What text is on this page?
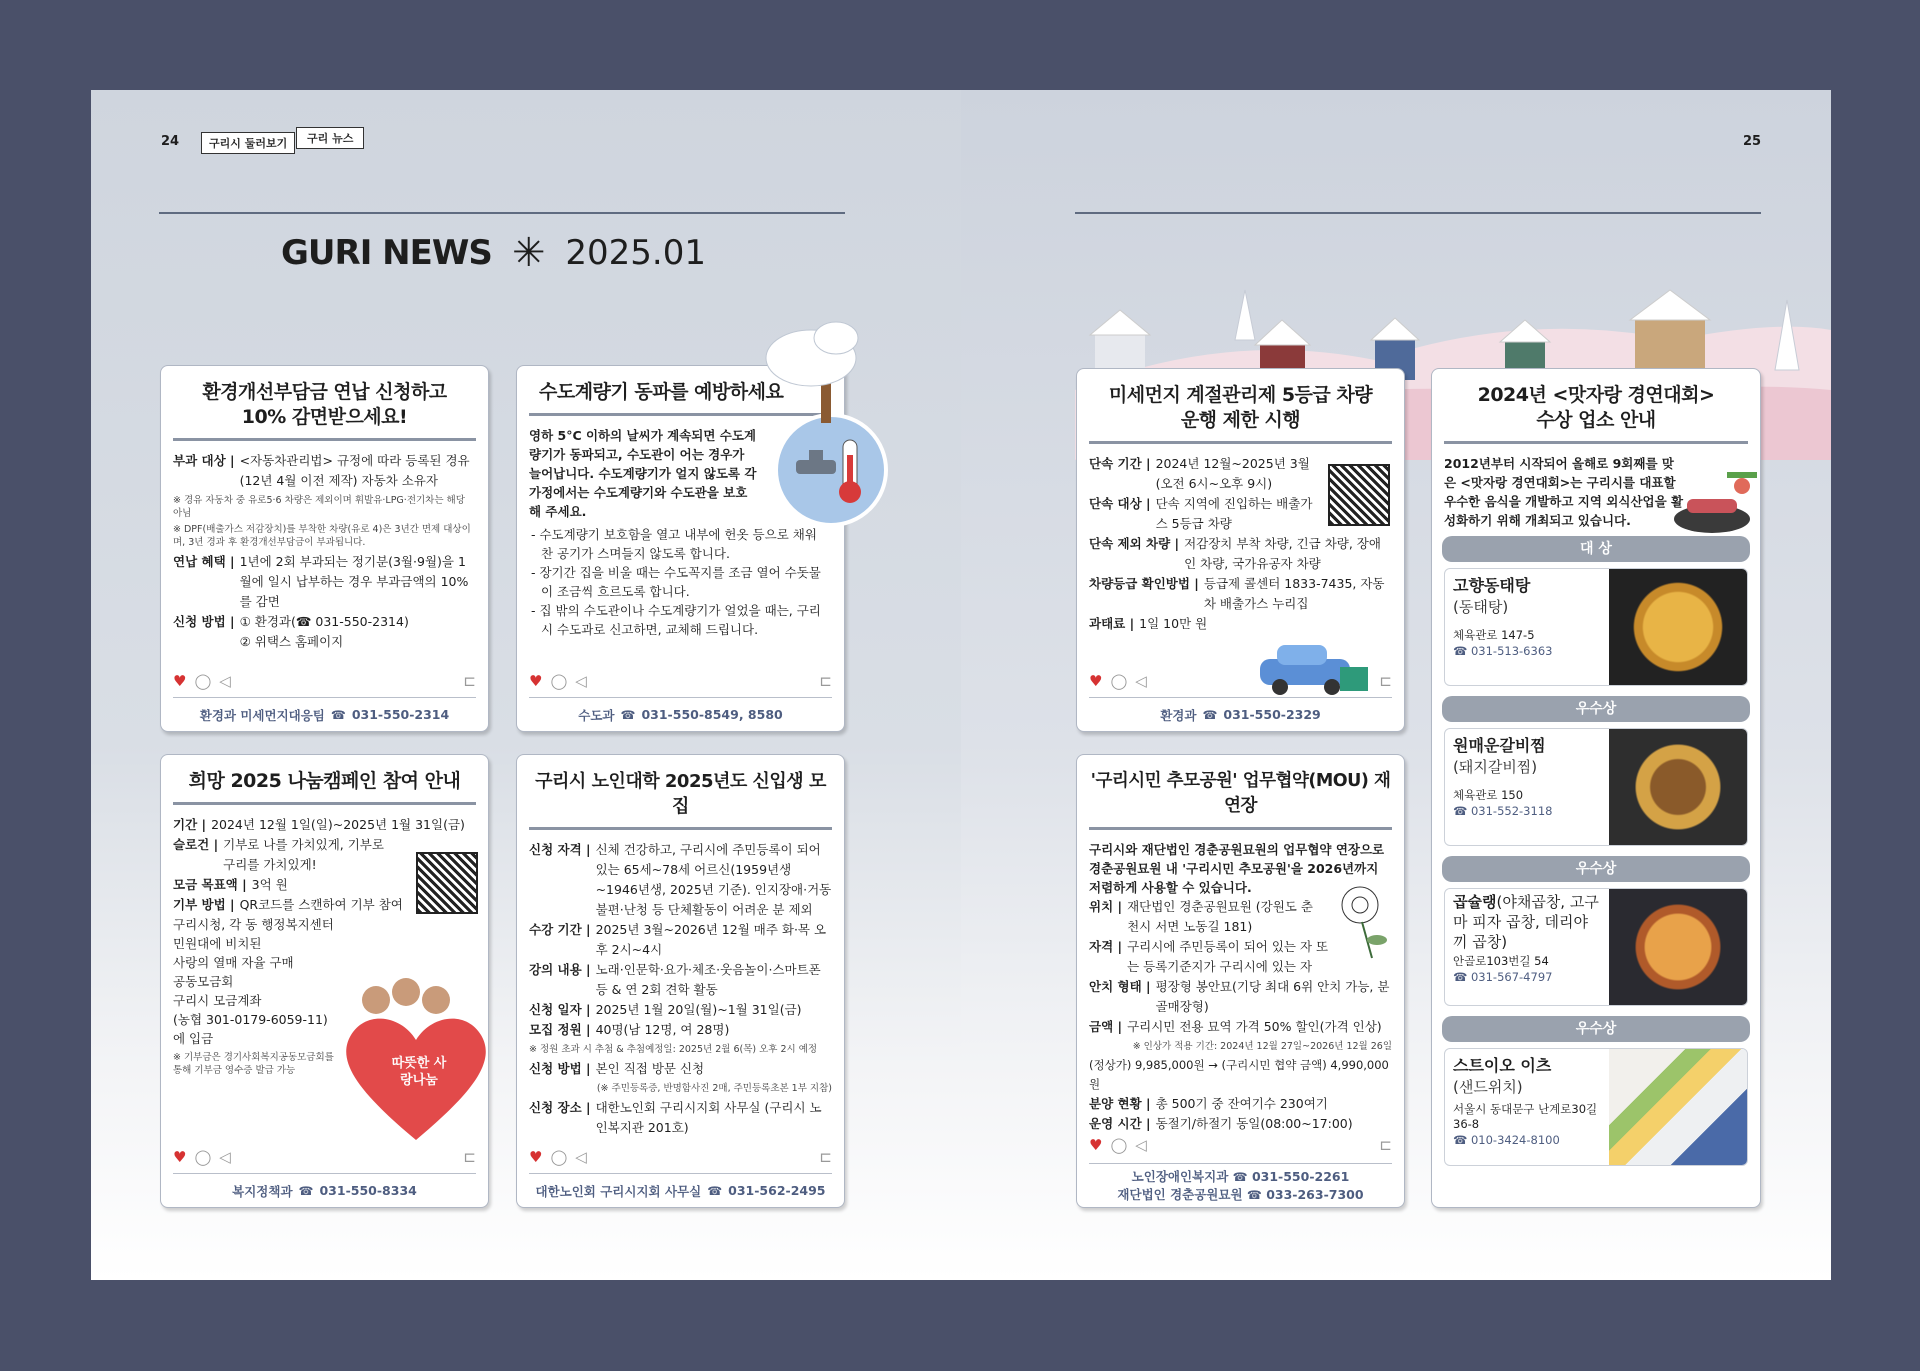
24	구리시 둘러보기	구리 뉴스
GURI NEWS ✳ 2025.01
환경개선부담금 연납 신청하고
10% 감면받으세요!
부과 대상 | <자동차관리법> 규정에 따라 등록된 경유(12년 4월 이전 제작) 자동차 소유자
※ 경유 자동차 중 유로5·6 차량은 제외이며 휘발유·LPG·전기차는 해당 아님
※ DPF(배출가스 저감장치)를 부착한 차량(유로 4)은 3년간 면제 대상이며, 3년 경과 후 환경개선부담금이 부과됩니다.
연납 혜택 | 1년에 2회 부과되는 정기분(3월·9월)을 1월에 일시 납부하는 경우 부과금액의 10%를 감면
신청 방법 | ① 환경과(☎ 031-550-2314)
② 위택스 홈페이지
♥ ◯ ◁	⊏
환경과 미세먼지대응팀 ☎ 031-550-2314
수도계량기 동파를 예방하세요
영하 5°C 이하의 날씨가 계속되면 수도계량기가 동파되고, 수도관이 어는 경우가 늘어납니다. 수도계량기가 얼지 않도록 각 가정에서는 수도계량기와 수도관을 보호해 주세요.
- 수도계량기 보호함을 열고 내부에 헌옷 등으로 채워 찬 공기가 스며들지 않도록 합니다.
- 장기간 집을 비울 때는 수도꼭지를 조금 열어 수돗물이 조금씩 흐르도록 합니다.
- 집 밖의 수도관이나 수도계량기가 얼었을 때는, 구리시 수도과로 신고하면, 교체해 드립니다.
♥ ◯ ◁	⊏
수도과 ☎ 031-550-8549, 8580
희망 2025 나눔캠페인 참여 안내
기간 | 2024년 12월 1일(일)~2025년 1월 31일(금)
슬로건 | 기부로 나를 가치있게, 기부로 구리를 가치있게!
모금 목표액 | 3억 원
기부 방법 | QR코드를 스캔하여 기부 참여
구리시청, 각 동 행정복지센터
민원대에 비치된
사랑의 열매 자율 구매
공동모금회
구리시 모금계좌
(농협 301-0179-6059-11)
에 입금
※ 기부금은 경기사회복지공동모금회를 통해 기부금 영수증 발급 가능	따뜻한 사랑나눔
♥ ◯ ◁	⊏
복지정책과 ☎ 031-550-8334
구리시 노인대학 2025년도 신입생 모집
신청 자격 | 신체 건강하고, 구리시에 주민등록이 되어있는 65세~78세 어르신(1959년생 ~1946년생, 2025년 기준). 인지장애·거동 불편·난청 등 단체활동이 어려운 분 제외
수강 기간 | 2025년 3월~2026년 12월 매주 화·목 오후 2시~4시
강의 내용 | 노래·인문학·요가·체조·웃음놀이·스마트폰 등 & 연 2회 견학 활동
신청 일자 | 2025년 1월 20일(월)~1월 31일(금)
모집 정원 | 40명(남 12명, 여 28명)
※ 정원 초과 시 추첨 & 추첨예정일: 2025년 2월 6(목) 오후 2시 예정
신청 방법 | 본인 직접 방문 신청
(※ 주민등록증, 반명함사진 2매, 주민등록초본 1부 지참)
신청 장소 | 대한노인회 구리시지회 사무실 (구리시 노인복지관 201호)
♥ ◯ ◁	⊏
대한노인회 구리시지회 사무실 ☎ 031-562-2495
25
미세먼지 계절관리제 5등급 차량
운행 제한 시행
단속 기간 | 2024년 12월~2025년 3월 (오전 6시~오후 9시)
단속 대상 | 단속 지역에 진입하는 배출가스 5등급 차량
단속 제외 차량 | 저감장치 부착 차량, 긴급 차량, 장애인 차량, 국가유공자 차량
차량등급 확인방법 | 등급제 콜센터 1833-7435, 자동차 배출가스 누리집
과태료 | 1일 10만 원
♥ ◯ ◁	⊏
환경과 ☎ 031-550-2329
'구리시민 추모공원' 업무협약(MOU) 재연장
구리시와 재단법인 경춘공원묘원의 업무협약 연장으로 경춘공원묘원 내 '구리시민 추모공원'을 2026년까지 저렴하게 사용할 수 있습니다.
위치 | 재단법인 경춘공원묘원 (강원도 춘천시 서면 노동길 181)
자격 | 구리시에 주민등록이 되어 있는 자 또는 등록기준지가 구리시에 있는 자
안치 형태 | 평장형 봉안묘(기당 최대 6위 안치 가능, 분골매장형)
금액 | 구리시민 전용 묘역 가격 50% 할인(가격 인상)
※ 인상가 적용 기간: 2024년 12월 27일~2026년 12월 26일
(정상가) 9,985,000원 → (구리시민 협약 금액) 4,990,000원
분양 현황 | 총 500기 중 잔여기수 230여기
운영 시간 | 동절기/하절기 동일(08:00~17:00)
♥ ◯ ◁	⊏
노인장애인복지과 ☎ 031-550-2261
재단법인 경춘공원묘원 ☎ 033-263-7300
2024년 <맛자랑 경연대회>
수상 업소 안내
2012년부터 시작되어 올해로 9회째를 맞은 <맛자랑 경연대회>는 구리시를 대표할 우수한 음식을 개발하고 지역 외식산업을 활성화하기 위해 개최되고 있습니다.
대 상
고향동태탕
(동태탕)
체육관로 147-5
☎ 031-513-6363
우수상
원매운갈비찜
(돼지갈비찜)
체육관로 150
☎ 031-552-3118
우수상
곱슐랭(야채곱창, 고구마 피자 곱창, 데리야끼 곱창)
안골로103번길 54
☎ 031-567-4797
우수상
스트이오 이츠
(샌드위치)
서울시 동대문구 난계로30길 36-8
☎ 010-3424-8100
